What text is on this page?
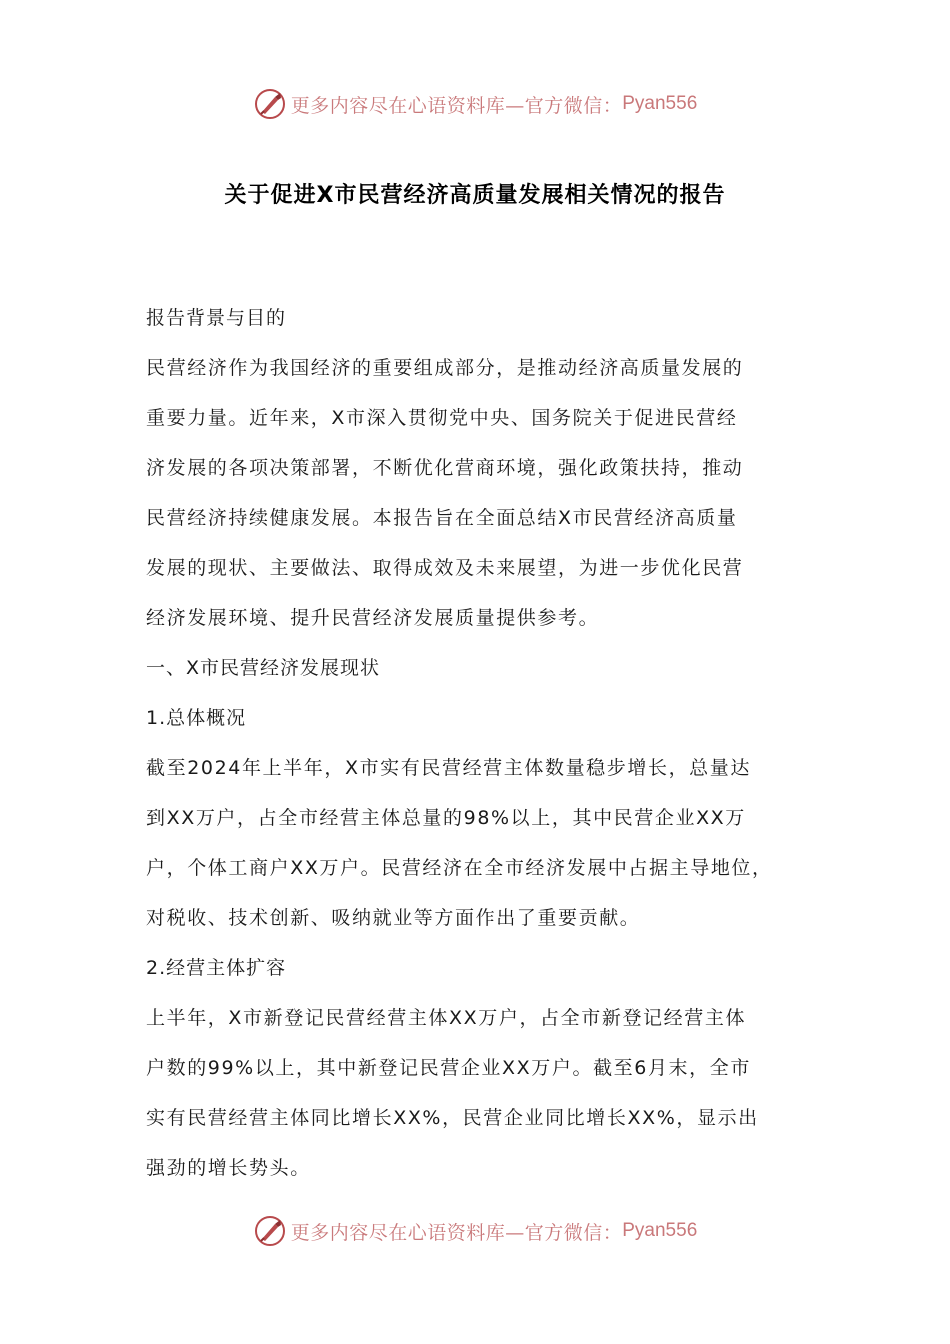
更多内容尽在心语资料库—官方微信： Pyan556
关于促进X市民营经济高质量发展相关情况的报告
报告背景与目的
民营经济作为我国经济的重要组成部分，是推动经济高质量发展的
重要力量。近年来，X市深入贯彻党中央、国务院关于促进民营经
济发展的各项决策部署，不断优化营商环境，强化政策扶持，推动
民营经济持续健康发展。本报告旨在全面总结X市民营经济高质量
发展的现状、主要做法、取得成效及未来展望，为进一步优化民营
经济发展环境、提升民营经济发展质量提供参考。
一、X市民营经济发展现状
1.总体概况
截至2024年上半年，X市实有民营经营主体数量稳步增长，总量达
到XX万户，占全市经营主体总量的98%以上，其中民营企业XX万
户，个体工商户XX万户。民营经济在全市经济发展中占据主导地位，
对税收、技术创新、吸纳就业等方面作出了重要贡献。
2.经营主体扩容
上半年，X市新登记民营经营主体XX万户，占全市新登记经营主体
户数的99%以上，其中新登记民营企业XX万户。截至6月末，全市
实有民营经营主体同比增长XX%，民营企业同比增长XX%，显示出
强劲的增长势头。
更多内容尽在心语资料库—官方微信： Pyan556
